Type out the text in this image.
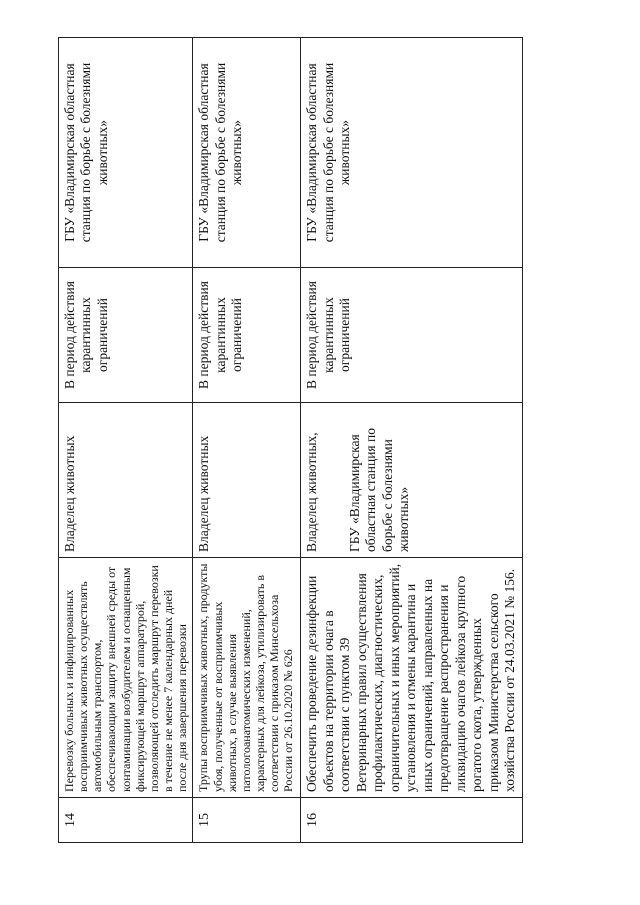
14	Перевозку больных и инфицированных восприимчивых животных осуществлять автомобильным транспортом, обеспечивающим защиту внешней среды от контаминации возбудителем и оснащенным фиксирующей маршрут аппаратурой, позволяющей отследить маршрут перевозки в течение не менее 7 календарных дней после дня завершения перевозки	Владелец животных	В период действия карантинных ограничений	ГБУ «Владимирская областная станция по борьбе с болезнями животных»
15	Трупы восприимчивых животных, продукты убоя, полученные от восприимчивых животных, в случае выявления патологоанатомических изменений, характерных для лейкоза, утилизировать в соответствии с приказом Минсельхоза России от 26.10.2020 № 626	Владелец животных	В период действия карантинных ограничений	ГБУ «Владимирская областная станция по борьбе с болезнями животных»
16	Обеспечить проведение дезинфекции объектов на территории очага в соответствии с пунктом 39 Ветеринарных правил осуществления профилактических, диагностических, ограничительных и иных мероприятий, установления и отмены карантина и иных ограничений, направленных на предотвращение распространения и ликвидацию очагов лейкоза крупного рогатого скота, утвержденных приказом Министерства сельского хозяйства России от 24.03.2021 № 156.	Владелец животных, ГБУ «Владимирская областная станция по борьбе с болезнями животных»	В период действия карантинных ограничений	ГБУ «Владимирская областная станция по борьбе с болезнями животных»
